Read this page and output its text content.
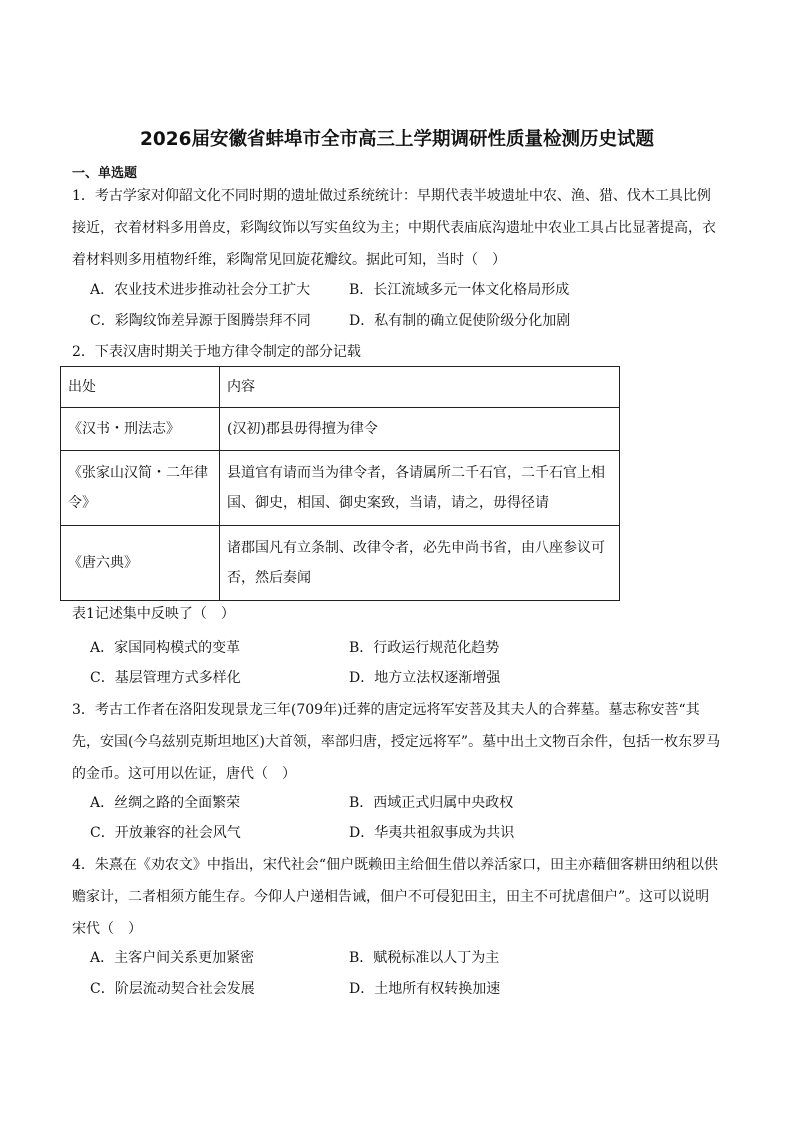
2026届安徽省蚌埠市全市高三上学期调研性质量检测历史试题
一、单选题

1．考古学家对仰韶文化不同时期的遗址做过系统统计：早期代表半坡遗址中农、渔、猎、伐木工具比例接近，衣着材料多用兽皮，彩陶纹饰以写实鱼纹为主；中期代表庙底沟遗址中农业工具占比显著提高，衣着材料则多用植物纤维，彩陶常见回旋花瓣纹。据此可知，当时（　）

A．农业技术进步推动社会分工扩大	B．长江流域多元一体文化格局形成
C．彩陶纹饰差异源于图腾崇拜不同	D．私有制的确立促使阶级分化加剧
2．下表汉唐时期关于地方律令制定的部分记载
出处	内容
《汉书・刑法志》	(汉初)郡县毋得擅为律令
《张家山汉简・二年律令》	县道官有请而当为律令者，各请属所二千石官，二千石官上相国、御史，相国、御史案致，当请，请之，毋得径请
《唐六典》	诸郡国凡有立条制、改律令者，必先申尚书省，由八座参议可否，然后奏闻
表1记述集中反映了（　）
A．家国同构模式的变革	B．行政运行规范化趋势
C．基层管理方式多样化	D．地方立法权逐渐增强

3．考古工作者在洛阳发现景龙三年(709年)迁葬的唐定远将军安菩及其夫人的合葬墓。墓志称安菩“其先，安国(今乌兹别克斯坦地区)大首领，率部归唐，授定远将军”。墓中出土文物百余件，包括一枚东罗马的金币。这可用以佐证，唐代（　）

A．丝绸之路的全面繁荣	B．西域正式归属中央政权
C．开放兼容的社会风气	D．华夷共祖叙事成为共识

4．朱熹在《劝农文》中指出，宋代社会“佃户既赖田主给佃生借以养活家口，田主亦藉佃客耕田纳租以供赡家计，二者相须方能生存。今仰人户递相告诫，佃户不可侵犯田主，田主不可扰虐佃户”。这可以说明宋代（　）

A．主客户间关系更加紧密	B．赋税标准以人丁为主
C．阶层流动契合社会发展	D．土地所有权转换加速
